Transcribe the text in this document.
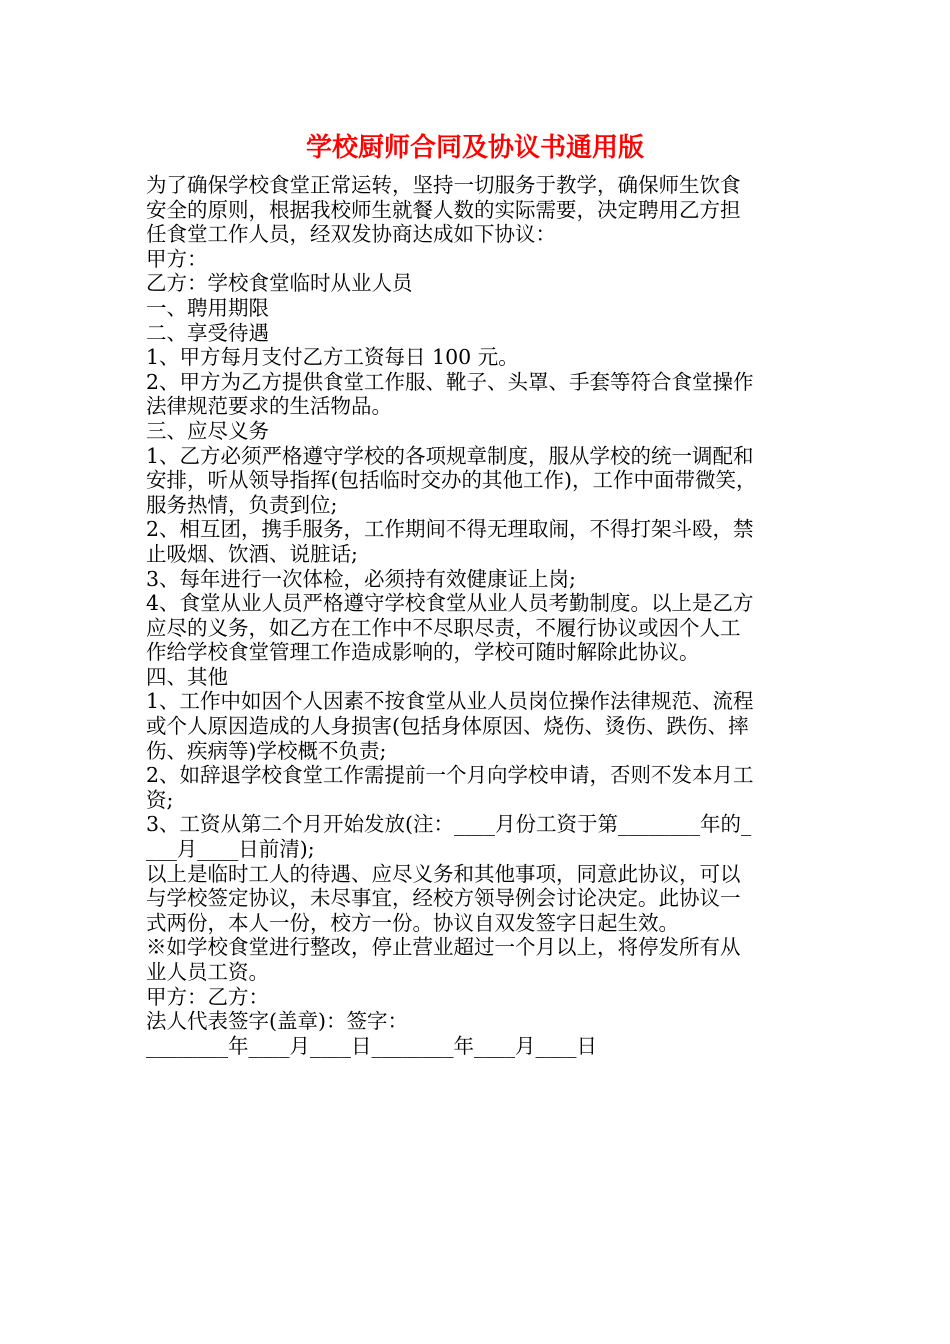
学校厨师合同及协议书通用版
为了确保学校食堂正常运转，坚持一切服务于教学，确保师生饮食
安全的原则，根据我校师生就餐人数的实际需要，决定聘用乙方担
任食堂工作人员，经双发协商达成如下协议：
甲方：
乙方：学校食堂临时从业人员
一、聘用期限
二、享受待遇
1、甲方每月支付乙方工资每日 100 元。
2、甲方为乙方提供食堂工作服、靴子、头罩、手套等符合食堂操作
法律规范要求的生活物品。
三、应尽义务
1、乙方必须严格遵守学校的各项规章制度，服从学校的统一调配和
安排，听从领导指挥(包括临时交办的其他工作)，工作中面带微笑，
服务热情，负责到位;
2、相互团，携手服务，工作期间不得无理取闹，不得打架斗殴，禁
止吸烟、饮酒、说脏话;
3、每年进行一次体检，必须持有效健康证上岗;
4、食堂从业人员严格遵守学校食堂从业人员考勤制度。以上是乙方
应尽的义务，如乙方在工作中不尽职尽责，不履行协议或因个人工
作给学校食堂管理工作造成影响的，学校可随时解除此协议。
四、其他
1、工作中如因个人因素不按食堂从业人员岗位操作法律规范、流程
或个人原因造成的人身损害(包括身体原因、烧伤、烫伤、跌伤、摔
伤、疾病等)学校概不负责;
2、如辞退学校食堂工作需提前一个月向学校申请，否则不发本月工
资;
3、工资从第二个月开始发放(注：____月份工资于第________年的_
___月____日前清);
以上是临时工人的待遇、应尽义务和其他事项，同意此协议，可以
与学校签定协议，未尽事宜，经校方领导例会讨论决定。此协议一
式两份，本人一份，校方一份。协议自双发签字日起生效。
※如学校食堂进行整改，停止营业超过一个月以上，将停发所有从
业人员工资。
甲方：乙方：
法人代表签字(盖章)：签字：
________年____月____日________年____月____日
